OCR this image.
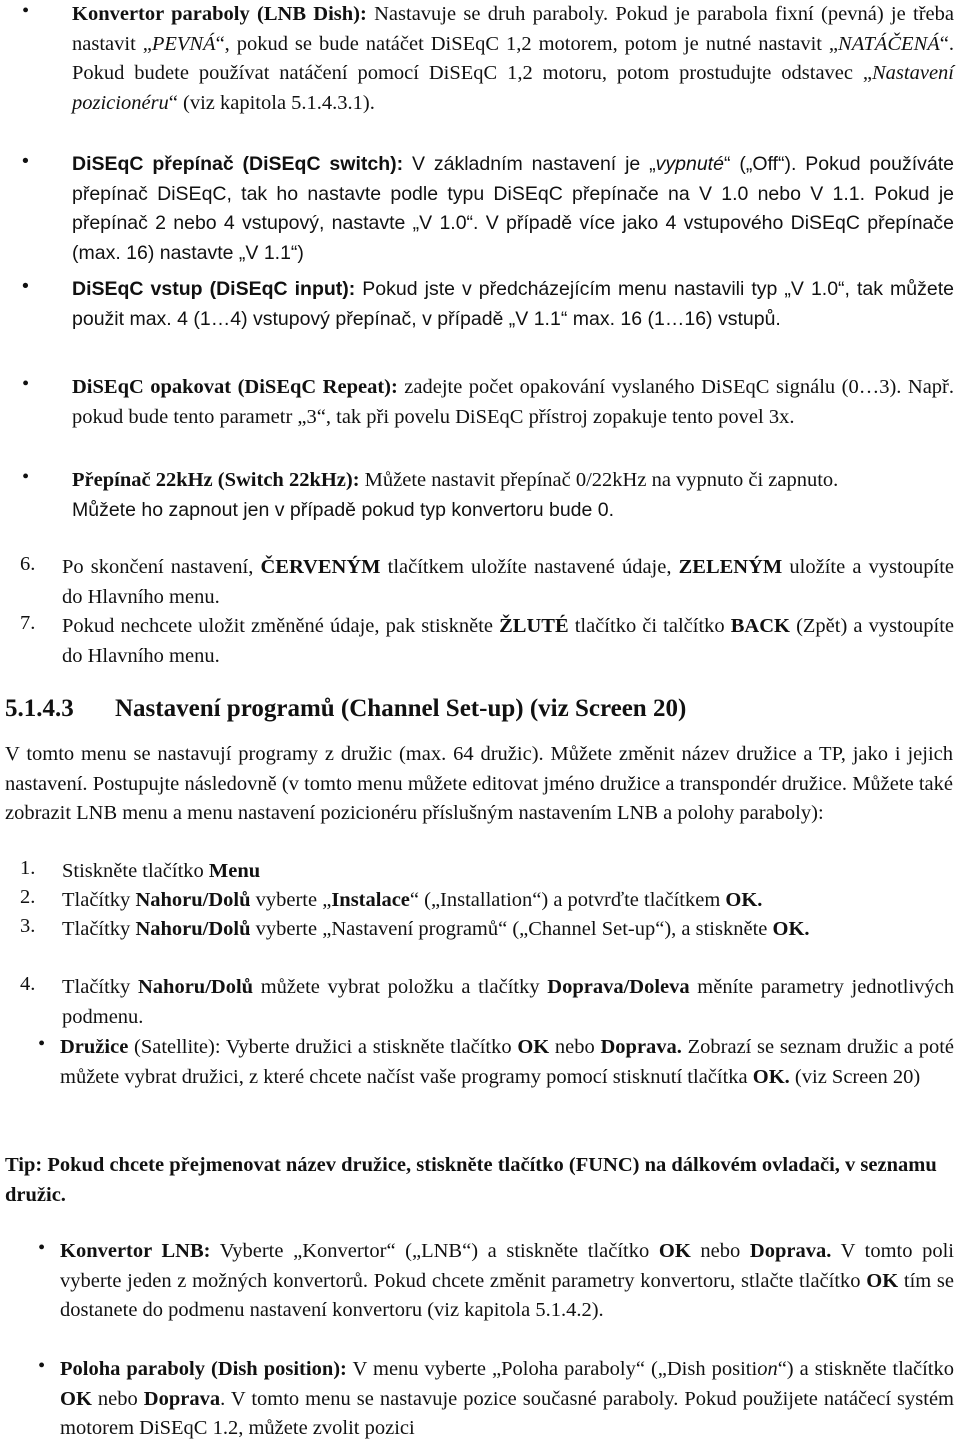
•	Konvertor paraboly (LNB Dish): Nastavuje se druh paraboly. Pokud je parabola fixní (pevná) je třeba nastavit „PEVNÁ“, pokud se bude natáčet DiSEqC 1,2 motorem, potom je nutné nastavit „NATÁČENÁ“. Pokud budete používat natáčení pomocí DiSEqC 1,2 motoru, potom prostudujte odstavec „Nastavení pozicionéru“ (viz kapitola 5.1.4.3.1).

•	DiSEqC přepínač (DiSEqC switch): V základním nastavení je „vypnuté“ („Off“). Pokud používáte přepínač DiSEqC, tak ho nastavte podle typu DiSEqC přepínače na V 1.0 nebo V 1.1. Pokud je přepínač 2 nebo 4 vstupový, nastavte „V 1.0“. V případě více jako 4 vstupového DiSEqC přepínače (max. 16) nastavte „V 1.1“)

•	DiSEqC vstup (DiSEqC input): Pokud jste v předcházejícím menu nastavili typ „V 1.0“, tak můžete použit max. 4 (1…4) vstupový přepínač, v případě „V 1.1“ max. 16 (1…16) vstupů.

•	DiSEqC opakovat (DiSEqC Repeat): zadejte počet opakování vyslaného DiSEqC signálu (0…3). Např. pokud bude tento parametr „3“, tak při povelu DiSEqC přístroj zopakuje tento povel 3x.

•	Přepínač 22kHz (Switch 22kHz): Můžete nastavit přepínač 0/22kHz na vypnuto či zapnuto.
Můžete ho zapnout jen v případě pokud typ konvertoru bude 0.

6.	Po skončení nastavení, ČERVENÝM tlačítkem uložíte nastavené údaje, ZELENÝM uložíte a vystoupíte do Hlavního menu.

7.	Pokud nechcete uložit změněné údaje, pak stiskněte ŽLUTÉ tlačítko či talčítko BACK (Zpět) a vystoupíte do Hlavního menu.

5.1.4.3 Nastavení programů (Channel Set-up) (viz Screen 20)

V tomto menu se nastavují programy z družic (max. 64 družic). Můžete změnit název družice a TP, jako i jejich nastavení. Postupujte následovně (v tomto menu můžete editovat jméno družice a transpondér družice. Můžete také zobrazit LNB menu a menu nastavení pozicionéru příslušným nastavením LNB a polohy paraboly):

1.	Stiskněte tlačítko Menu

2.	Tlačítky Nahoru/Dolů vyberte „Instalace“ („Installation“) a potvrďte tlačítkem OK.

3.	Tlačítky Nahoru/Dolů vyberte „Nastavení programů“ („Channel Set-up“), a stiskněte OK.

4.	Tlačítky Nahoru/Dolů můžete vybrat položku a tlačítky Doprava/Doleva měníte parametry jednotlivých podmenu.

• Družice (Satellite): Vyberte družici a stiskněte tlačítko OK nebo Doprava. Zobrazí se seznam družic a poté můžete vybrat družici, z které chcete načíst vaše programy pomocí stisknutí tlačítka OK. (viz Screen 20)

Tip: Pokud chcete přejmenovat název družice, stiskněte tlačítko (FUNC) na dálkovém ovladači, v seznamu družic.

• Konvertor LNB: Vyberte „Konvertor“ („LNB“) a stiskněte tlačítko OK nebo Doprava. V tomto poli vyberte jeden z možných konvertorů. Pokud chcete změnit parametry konvertoru, stlačte tlačítko OK tím se dostanete do podmenu nastavení konvertoru (viz kapitola 5.1.4.2).

• Poloha paraboly (Dish position): V menu vyberte „Poloha paraboly“ („Dish position“) a stiskněte tlačítko OK nebo Doprava. V tomto menu se nastavuje pozice současné paraboly. Pokud použijete natáčecí systém motorem DiSEqC 1.2, můžete zvolit pozici
